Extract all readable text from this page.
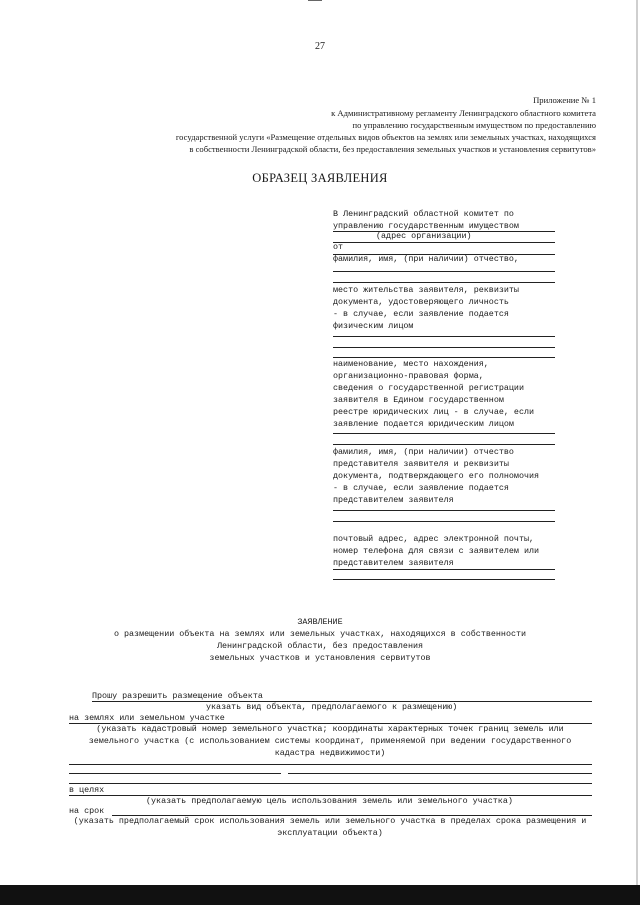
27
Приложение № 1
к Административному регламенту Ленинградского областного комитета
по управлению государственным имуществом по предоставлению
государственной услуги «Размещение отдельных видов объектов на землях или земельных участках, находящихся
в собственности Ленинградской области, без предоставления земельных участков и установления сервитутов»
ОБРАЗЕЦ ЗАЯВЛЕНИЯ
В Ленинградский областной комитет по
управлению государственным имуществом
(адрес организации)
от
фамилия, имя, (при наличии) отчество,
место жительства заявителя, реквизиты
документа, удостоверяющего личность
- в случае, если заявление подается
физическим лицом
наименование, место нахождения,
организационно-правовая форма,
сведения о государственной регистрации
заявителя в Едином государственном
реестре юридических лиц - в случае, если
заявление подается юридическим лицом
фамилия, имя, (при наличии) отчество
представителя заявителя и реквизиты
документа, подтверждающего его полномочия
- в случае, если заявление подается
представителем заявителя
почтовый адрес, адрес электронной почты,
номер телефона для связи с заявителем или
представителем заявителя
ЗАЯВЛЕНИЕ
о размещении объекта на землях или земельных участках, находящихся в собственности
Ленинградской области, без предоставления
земельных участков и установления сервитутов
Прошу разрешить размещение объекта
указать вид объекта, предполагаемого к размещению)
на землях или земельном участке
(указать кадастровый номер земельного участка; координаты характерных точек границ земель или
земельного участка (с использованием системы координат, применяемой при ведении государственного
кадастра недвижимости)
в целях
(указать предполагаемую цель использования земель или земельного участка)
на срок
(указать предполагаемый срок использования земель или земельного участка в пределах срока размещения и
эксплуатации объекта)
